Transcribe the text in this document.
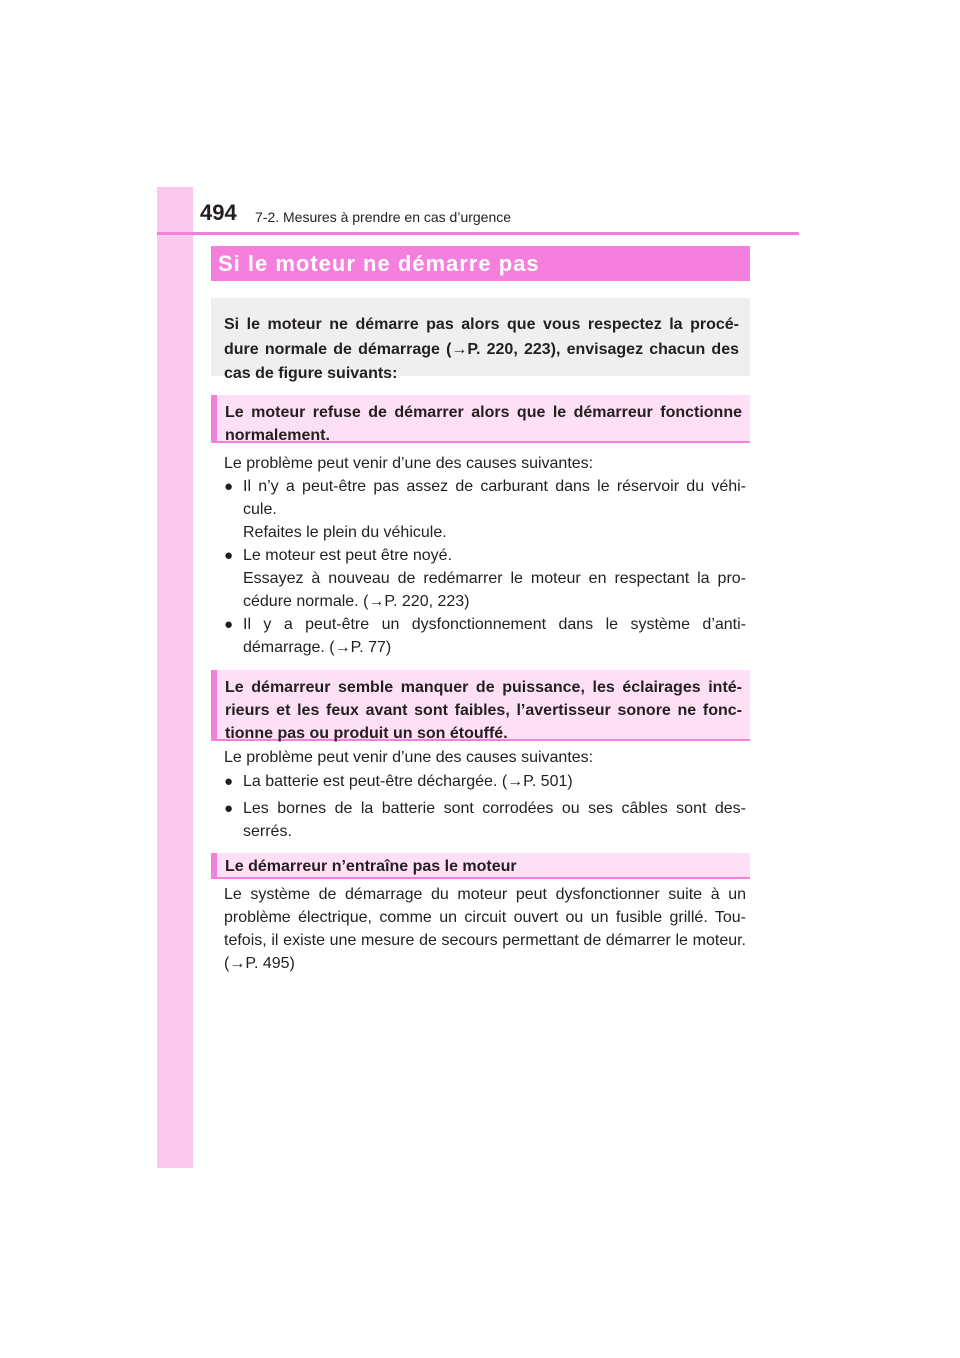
494 7-2. Mesures à prendre en cas d’urgence
Si le moteur ne démarre pas
Si le moteur ne démarre pas alors que vous respectez la procé- dure normale de démarrage (→P. 220, 223), envisagez chacun des cas de figure suivants:
Le moteur refuse de démarrer alors que le démarreur fonctionne normalement.
Le problème peut venir d’une des causes suivantes:
● Il n’y a peut-être pas assez de carburant dans le réservoir du véhi- cule.
Refaites le plein du véhicule.
● Le moteur est peut être noyé.
Essayez à nouveau de redémarrer le moteur en respectant la pro- cédure normale. (→P. 220, 223)
● Il y a peut-être un dysfonctionnement dans le système d’anti- démarrage. (→P. 77)
Le démarreur semble manquer de puissance, les éclairages inté- rieurs et les feux avant sont faibles, l’avertisseur sonore ne fonc- tionne pas ou produit un son étouffé.
Le problème peut venir d’une des causes suivantes:
● La batterie est peut-être déchargée. (→P. 501)
● Les bornes de la batterie sont corrodées ou ses câbles sont des- serrés.
Le démarreur n’entraîne pas le moteur
Le système de démarrage du moteur peut dysfonctionner suite à un problème électrique, comme un circuit ouvert ou un fusible grillé. Tou- tefois, il existe une mesure de secours permettant de démarrer le moteur. (→P. 495)
